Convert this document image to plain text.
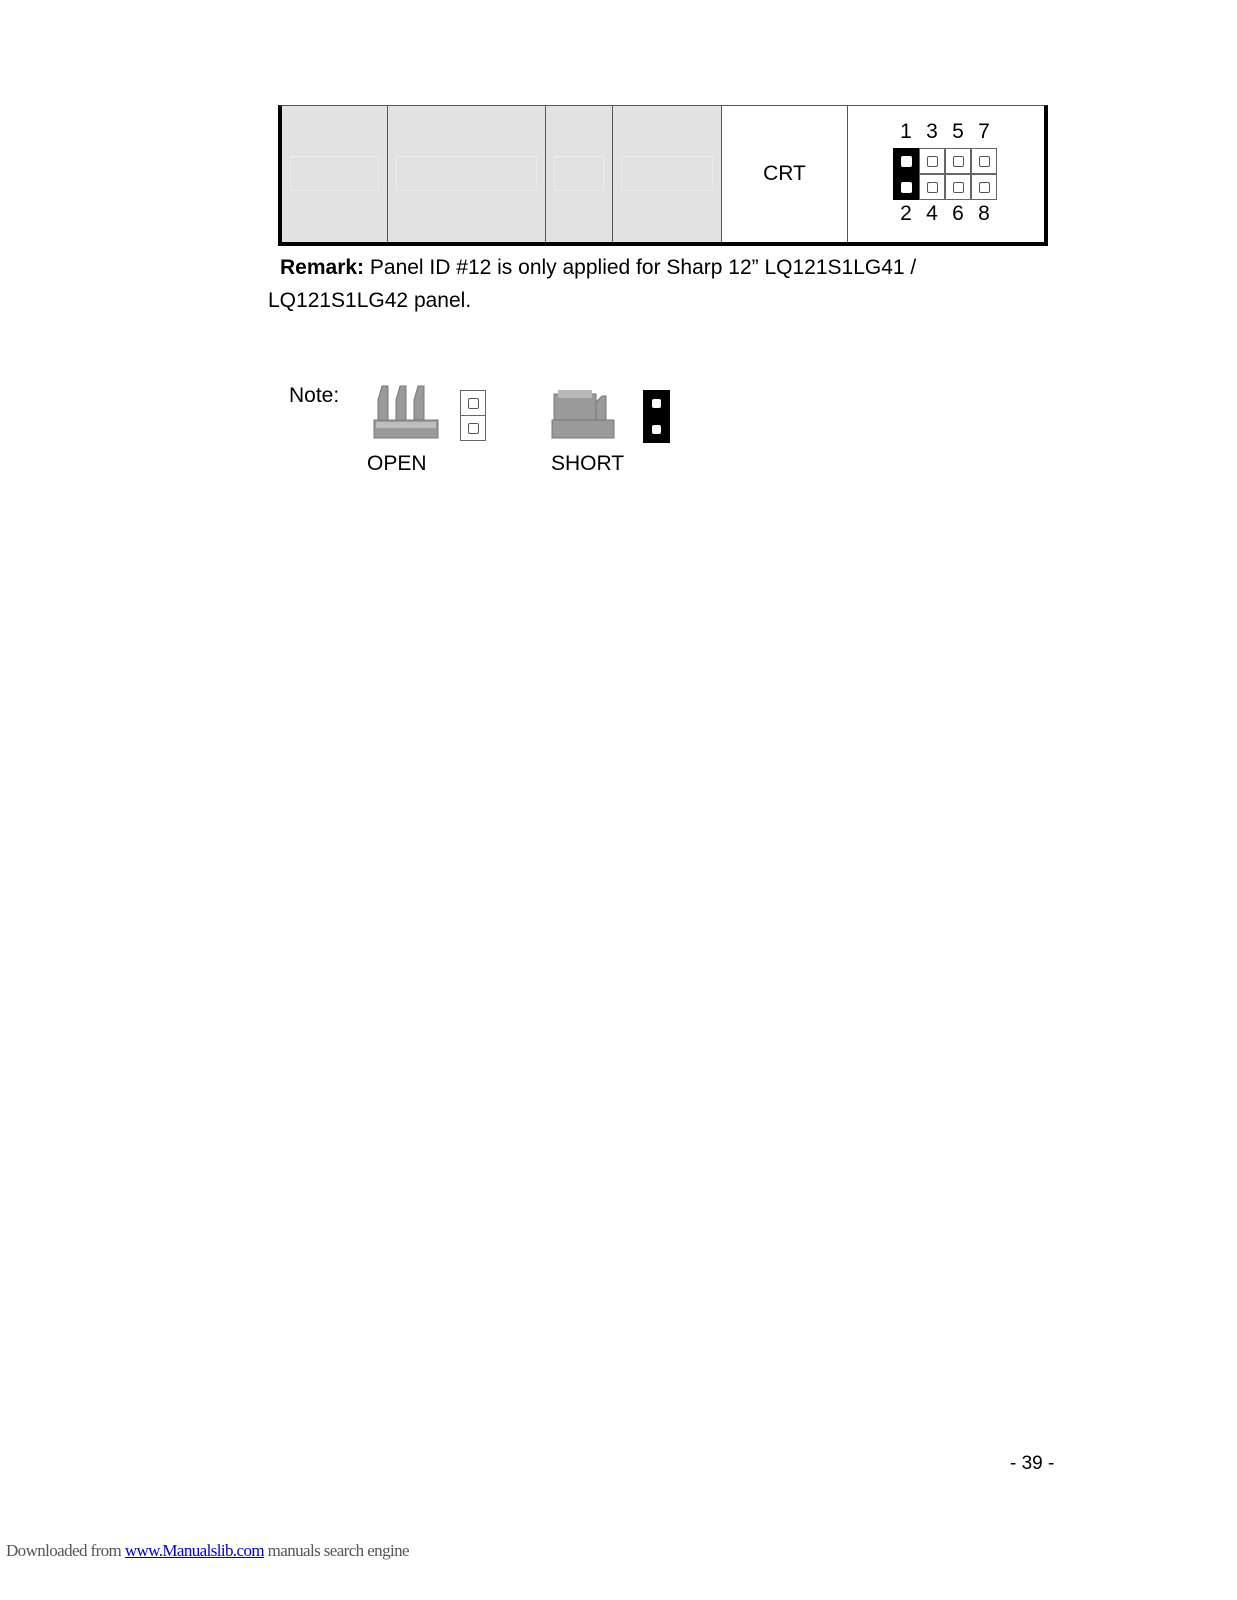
CRT
1 3 5 7
2 4 6 8
Remark: Panel ID #12 is only applied for Sharp 12” LQ121S1LG41 /
LQ121S1LG42 panel.
Note:
OPEN	SHORT
- 39 -
Downloaded from www.Manualslib.com manuals search engine
